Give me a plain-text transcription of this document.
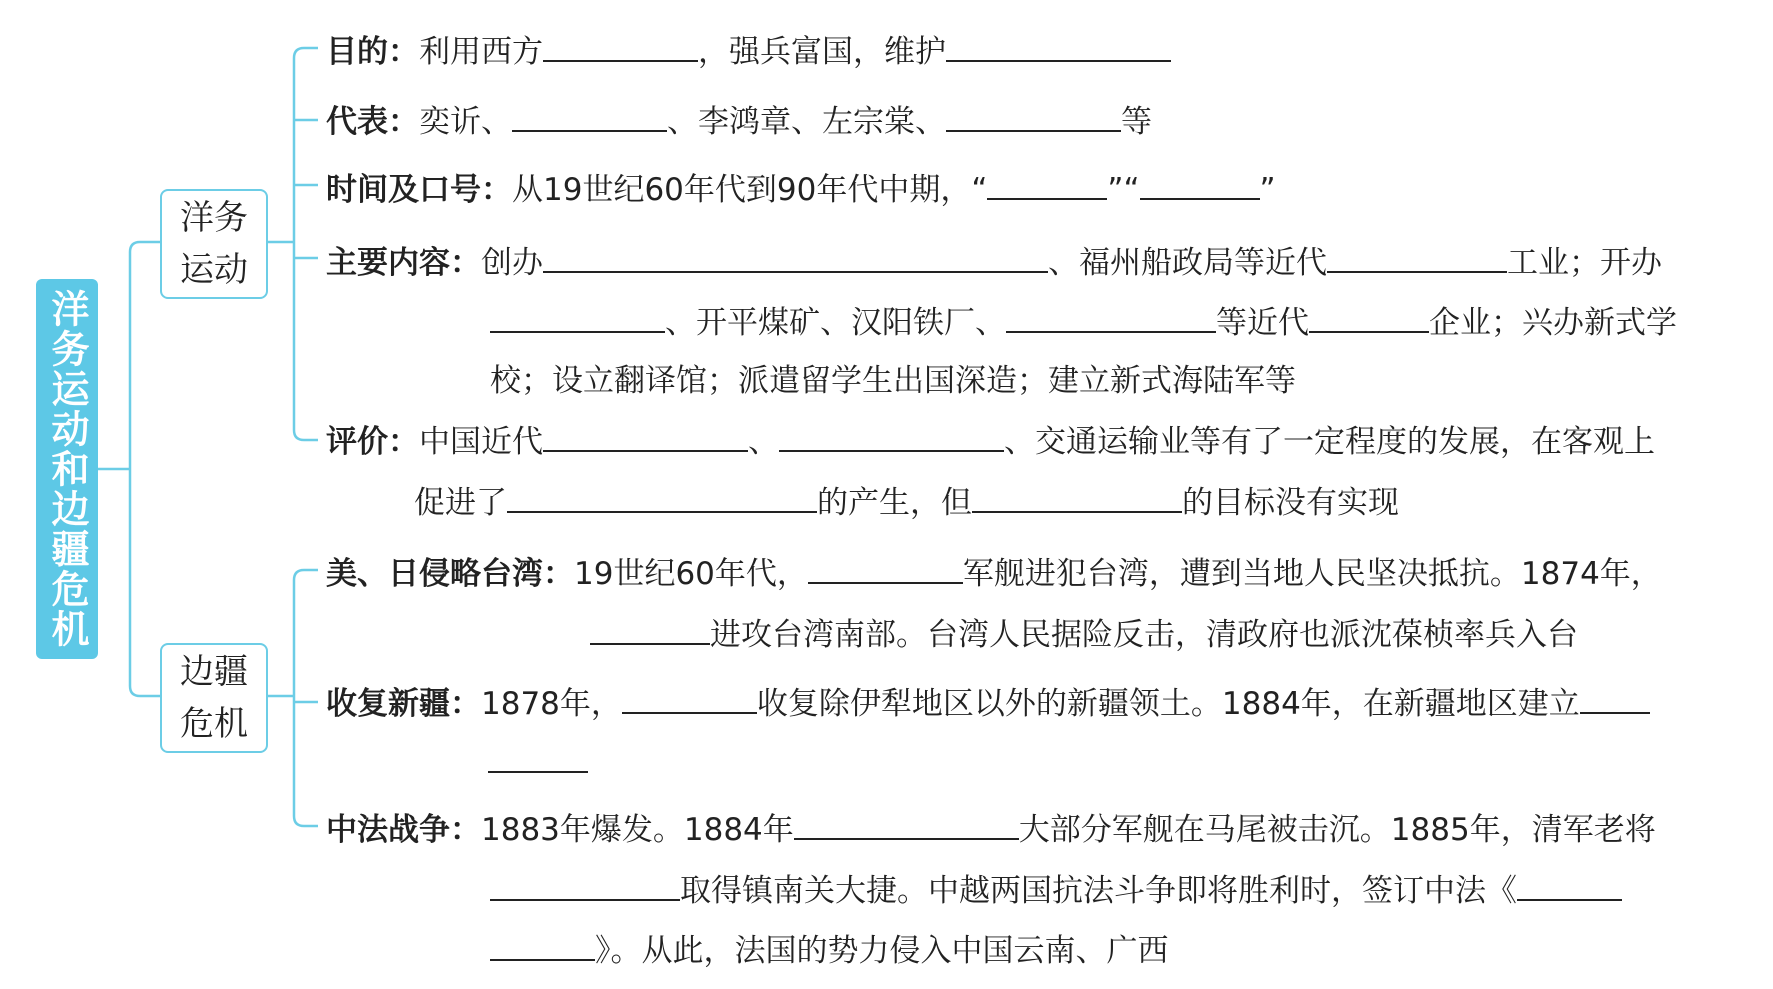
洋务运动和边疆危机
洋务运动
边疆危机
目的：利用西方	，强兵富国，维护
代表：奕䜣、	、李鸿章、左宗棠、	等
时间及口号：从19世纪60年代到90年代中期，“	”“	”
主要内容：创办	、福州船政局等近代	工业；开办
、开平煤矿、汉阳铁厂、	等近代	企业；兴办新式学
校；设立翻译馆；派遣留学生出国深造；建立新式海陆军等
评价：中国近代	、	、交通运输业等有了一定程度的发展，在客观上
促进了	的产生，但	的目标没有实现
美、日侵略台湾：19世纪60年代，	军舰进犯台湾，遭到当地人民坚决抵抗。1874年，
进攻台湾南部。台湾人民据险反击，清政府也派沈葆桢率兵入台
收复新疆：1878年，	收复除伊犁地区以外的新疆领土。1884年，在新疆地区建立
中法战争：1883年爆发。1884年	大部分军舰在马尾被击沉。1885年，清军老将
取得镇南关大捷。中越两国抗法斗争即将胜利时，签订中法《
》。从此，法国的势力侵入中国云南、广西
